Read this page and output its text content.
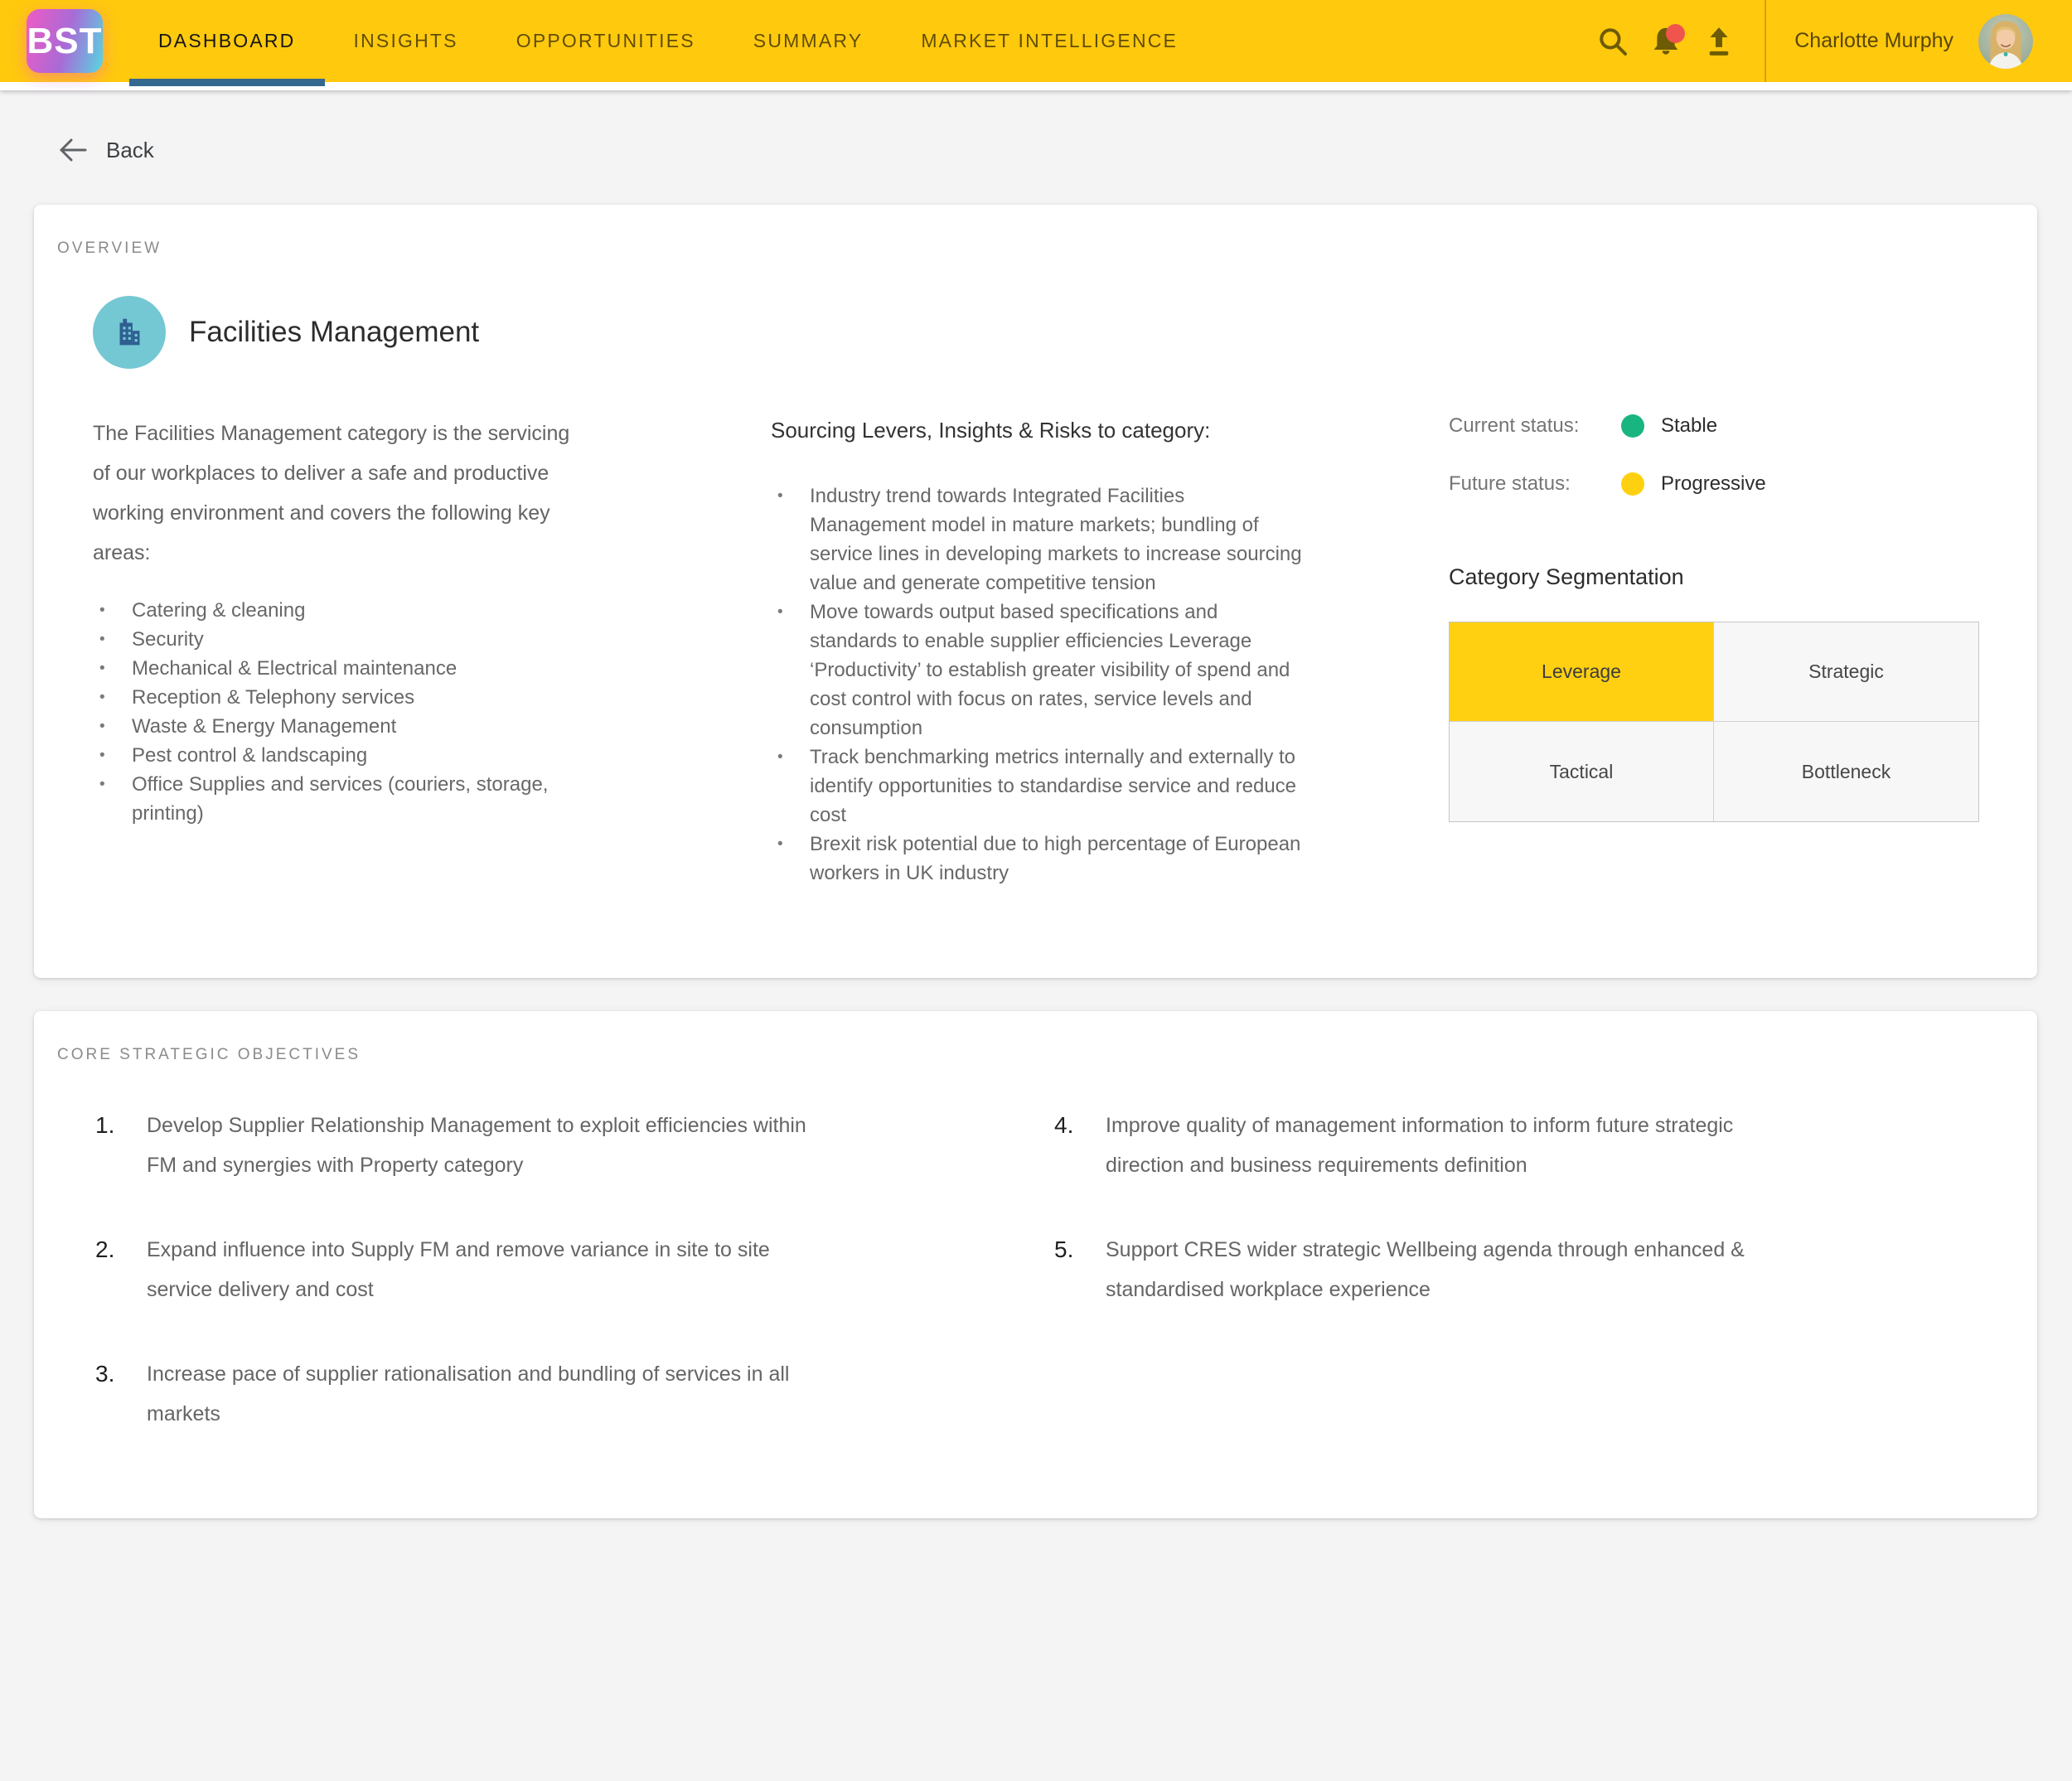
BST	DASHBOARD	INSIGHTS	OPPORTUNITIES	SUMMARY	MARKET INTELLIGENCE	Charlotte Murphy
Back
OVERVIEW
Facilities Management
The Facilities Management category is the servicing of our workplaces to deliver a safe and productive working environment and covers the following key areas:
•	Catering & cleaning
•	Security
•	Mechanical & Electrical maintenance
•	Reception & Telephony services
•	Waste & Energy Management
•	Pest control & landscaping
•	Office Supplies and services (couriers, storage, printing)
Sourcing Levers, Insights & Risks to category:
•	Industry trend towards Integrated Facilities Management model in mature markets; bundling of service lines in developing markets to increase sourcing value and generate competitive tension
•	Move towards output based specifications and standards to enable supplier efficiencies Leverage ‘Productivity’ to establish greater visibility of spend and cost control with focus on rates, service levels and consumption
•	Track benchmarking metrics internally and externally to identify opportunities to standardise service and reduce cost
•	Brexit risk potential due to high percentage of European workers in UK industry
Current status:	Stable
Future status:	Progressive
Category Segmentation
Leverage	Strategic
Tactical	Bottleneck
CORE STRATEGIC OBJECTIVES
1.	Develop Supplier Relationship Management to exploit efficiencies within FM and synergies with Property category
2.	Expand influence into Supply FM and remove variance in site to site service delivery and cost
3.	Increase pace of supplier rationalisation and bundling of services in all markets
4.	Improve quality of management information to inform future strategic direction and business requirements definition
5.	Support CRES wider strategic Wellbeing agenda through enhanced & standardised workplace experience
